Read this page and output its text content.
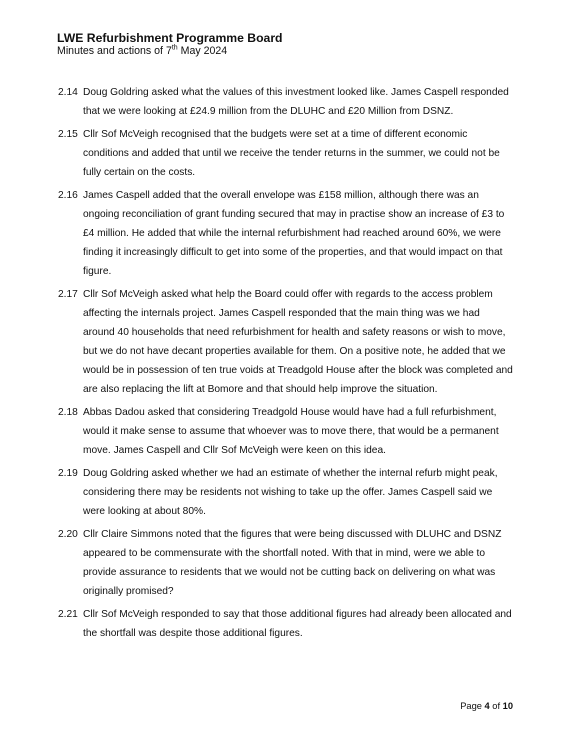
LWE Refurbishment Programme Board
Minutes and actions of 7th May 2024
2.14 Doug Goldring asked what the values of this investment looked like. James Caspell responded that we were looking at £24.9 million from the DLUHC and £20 Million from DSNZ.
2.15 Cllr Sof McVeigh recognised that the budgets were set at a time of different economic conditions and added that until we receive the tender returns in the summer, we could not be fully certain on the costs.
2.16 James Caspell added that the overall envelope was £158 million, although there was an ongoing reconciliation of grant funding secured that may in practise show an increase of £3 to £4 million. He added that while the internal refurbishment had reached around 60%, we were finding it increasingly difficult to get into some of the properties, and that would impact on that figure.
2.17 Cllr Sof McVeigh asked what help the Board could offer with regards to the access problem affecting the internals project. James Caspell responded that the main thing was we had around 40 households that need refurbishment for health and safety reasons or wish to move, but we do not have decant properties available for them. On a positive note, he added that we would be in possession of ten true voids at Treadgold House after the block was completed and are also replacing the lift at Bomore and that should help improve the situation.
2.18 Abbas Dadou asked that considering Treadgold House would have had a full refurbishment, would it make sense to assume that whoever was to move there, that would be a permanent move. James Caspell and Cllr Sof McVeigh were keen on this idea.
2.19 Doug Goldring asked whether we had an estimate of whether the internal refurb might peak, considering there may be residents not wishing to take up the offer. James Caspell said we were looking at about 80%.
2.20 Cllr Claire Simmons noted that the figures that were being discussed with DLUHC and DSNZ appeared to be commensurate with the shortfall noted. With that in mind, were we able to provide assurance to residents that we would not be cutting back on delivering on what was originally promised?
2.21 Cllr Sof McVeigh responded to say that those additional figures had already been allocated and the shortfall was despite those additional figures.
Page 4 of 10
